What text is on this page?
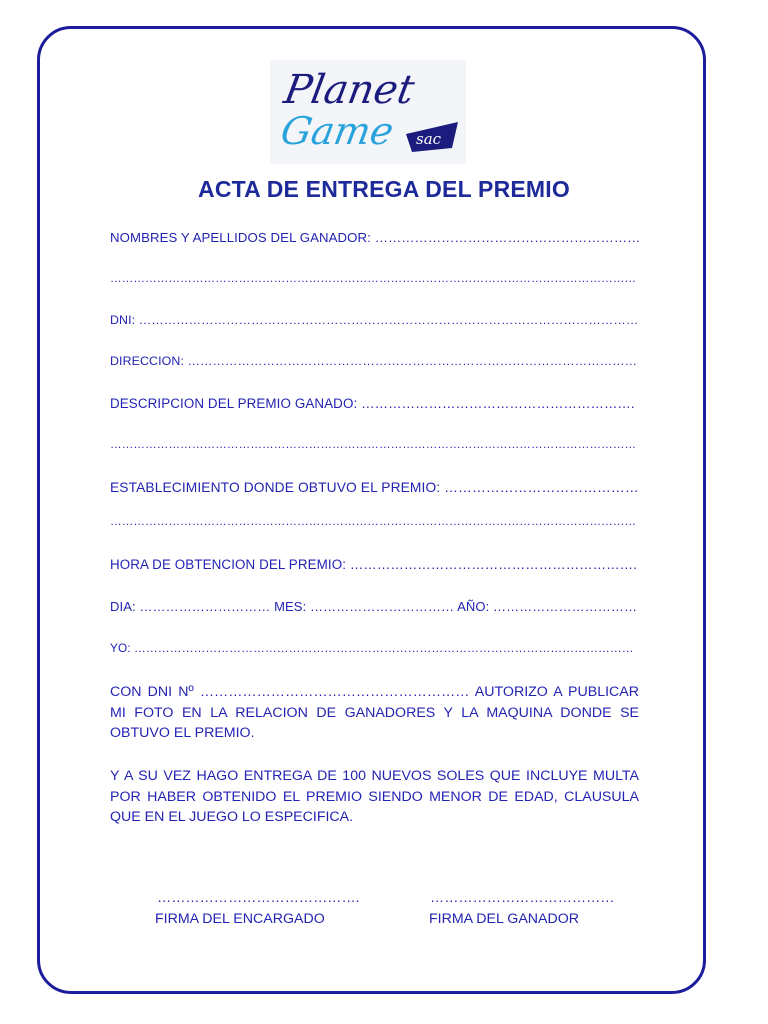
Planet
Game sac
ACTA DE ENTREGA DEL PREMIO
NOMBRES Y APELLIDOS DEL GANADOR: ……………………………………………………
………………………………………………………………………………………………………………………
DNI: …………………………………………………………………………………………………………
DIRECCION: ………………………………………………………………………………………………
DESCRIPCION DEL PREMIO GANADO: …………………………………………………….
………………………………………………………………………………………………………………………
ESTABLECIMIENTO DONDE OBTUVO EL PREMIO: ……………………………………
………………………………………………………………………………………………………………………
HORA DE OBTENCION DEL PREMIO: ……………………………………………………….
DIA: ………………………… MES: …………………………… AÑO: ……………………………
YO: ………………………………………………………………………………………………………………
CON DNI Nº ………………………………………………… AUTORIZO A PUBLICAR MI FOTO EN LA RELACION DE GANADORES Y LA MAQUINA DONDE SE OBTUVO EL PREMIO.
Y A SU VEZ HAGO ENTREGA DE 100 NUEVOS SOLES QUE INCLUYE MULTA POR HABER OBTENIDO EL PREMIO SIENDO MENOR DE EDAD, CLAUSULA QUE EN EL JUEGO LO ESPECIFICA.
…………………………………….
FIRMA DEL ENCARGADO
…………………………………
FIRMA DEL GANADOR
